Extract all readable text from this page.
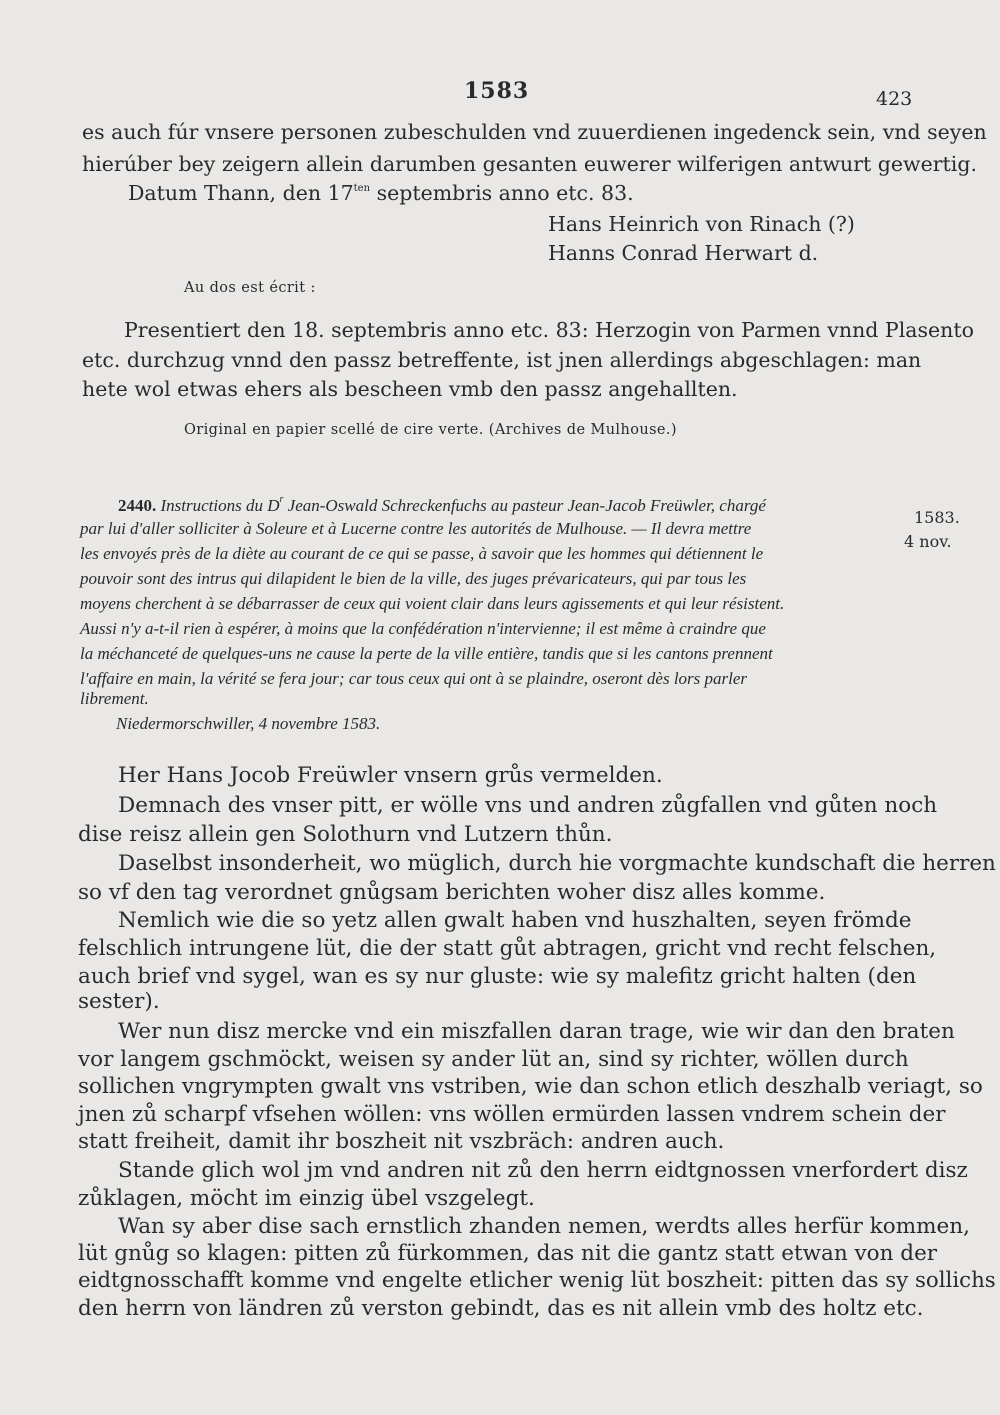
1583	423
es auch fúr vnsere personen zubeschulden vnd zuuerdienen ingedenck sein, vnd seyen
hierúber bey zeigern allein darumben gesanten euwerer wilferigen antwurt gewertig.
Datum Thann, den $17^{ten}$ septembris anno etc. 83.
Hans Heinrich von Rinach (?)
Hanns Conrad Herwart d.
Au dos est écrit :
Presentiert den 18. septembris anno etc. 83: Herzogin von Parmen vnnd Plasento
etc. durchzug vnnd den passz betreffente, ist jnen allerdings abgeschlagen: man
hete wol etwas ehers als bescheen vmb den passz angehallten.
Original en papier scellé de cire verte. (Archives de Mulhouse.)
2440. Instructions du $D^r$ Jean-Oswald Schreckenfuchs au pasteur Jean-Jacob Freüwler, chargé
par lui d'aller solliciter à Soleure et à Lucerne contre les autorités de Mulhouse. — Il devra mettre
les envoyés près de la diète au courant de ce qui se passe, à savoir que les hommes qui détiennent le
pouvoir sont des intrus qui dilapident le bien de la ville, des juges prévaricateurs, qui par tous les
moyens cherchent à se débarrasser de ceux qui voient clair dans leurs agissements et qui leur résistent.
Aussi n'y a-t-il rien à espérer, à moins que la confédération n'intervienne; il est même à craindre que
la méchanceté de quelques-uns ne cause la perte de la ville entière, tandis que si les cantons prennent
l'affaire en main, la vérité se fera jour; car tous ceux qui ont à se plaindre, oseront dès lors parler
librement.
Niedermorschwiller, 4 novembre 1583.
1583.
4 nov.
Her Hans Jocob Freüwler vnsern grůs vermelden.
Demnach des vnser pitt, er wölle vns und andren zůgfallen vnd gůten noch
dise reisz allein gen Solothurn vnd Lutzern thůn.
Daselbst insonderheit, wo müglich, durch hie vorgmachte kundschaft die herren
so vf den tag verordnet gnůgsam berichten woher disz alles komme.
Nemlich wie die so yetz allen gwalt haben vnd huszhalten, seyen frömde
felschlich intrungene lüt, die der statt gůt abtragen, gricht vnd recht felschen,
auch brief vnd sygel, wan es sy nur gluste: wie sy malefitz gricht halten (den
sester).
Wer nun disz mercke vnd ein miszfallen daran trage, wie wir dan den braten
vor langem gschmöckt, weisen sy ander lüt an, sind sy richter, wöllen durch
sollichen vngrympten gwalt vns vstriben, wie dan schon etlich deszhalb veriagt, so
jnen zů scharpf vfsehen wöllen: vns wöllen ermürden lassen vndrem schein der
statt freiheit, damit ihr boszheit nit vszbräch: andren auch.
Stande glich wol jm vnd andren nit zů den herrn eidtgnossen vnerfordert disz
zůklagen, möcht im einzig übel vszgelegt.
Wan sy aber dise sach ernstlich zhanden nemen, werdts alles herfür kommen,
lüt gnůg so klagen: pitten zů fürkommen, das nit die gantz statt etwan von der
eidtgnosschafft komme vnd engelte etlicher wenig lüt boszheit: pitten das sy sollichs
den herrn von ländren zů verston gebindt, das es nit allein vmb des holtz etc.
